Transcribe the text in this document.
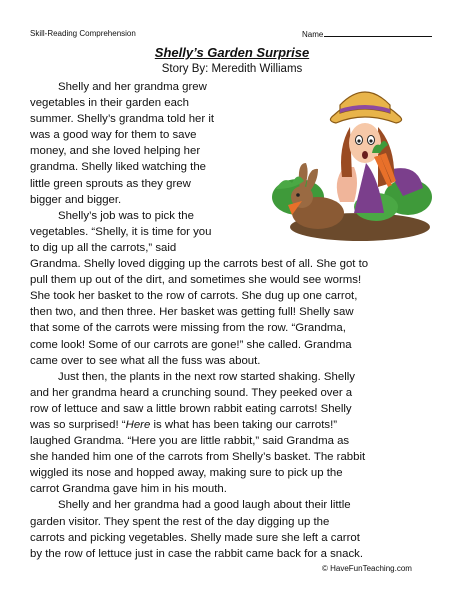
Skill-Reading Comprehension	Name
Shelly’s Garden Surprise
Story By: Meredith Williams
Shelly and her grandma grew
vegetables in their garden each
summer. Shelly’s grandma told her it
was a good way for them to save
money, and she loved helping her
grandma. Shelly liked watching the
little green sprouts as they grew
bigger and bigger.
Shelly’s job was to pick the
vegetables. “Shelly, it is time for you
to dig up all the carrots,” said
Grandma. Shelly loved digging up the carrots best of all. She got to
pull them up out of the dirt, and sometimes she would see worms!
She took her basket to the row of carrots. She dug up one carrot,
then two, and then three. Her basket was getting full! Shelly saw
that some of the carrots were missing from the row. “Grandma,
come look! Some of our carrots are gone!” she called. Grandma
came over to see what all the fuss was about.
Just then, the plants in the next row started shaking. Shelly
and her grandma heard a crunching sound. They peeked over a
row of lettuce and saw a little brown rabbit eating carrots! Shelly
was so surprised! “Here is what has been taking our carrots!”
laughed Grandma. “Here you are little rabbit,” said Grandma as
she handed him one of the carrots from Shelly’s basket. The rabbit
wiggled its nose and hopped away, making sure to pick up the
carrot Grandma gave him in his mouth.
Shelly and her grandma had a good laugh about their little
garden visitor. They spent the rest of the day digging up the
carrots and picking vegetables. Shelly made sure she left a carrot
by the row of lettuce just in case the rabbit came back for a snack.
© HaveFunTeaching.com
